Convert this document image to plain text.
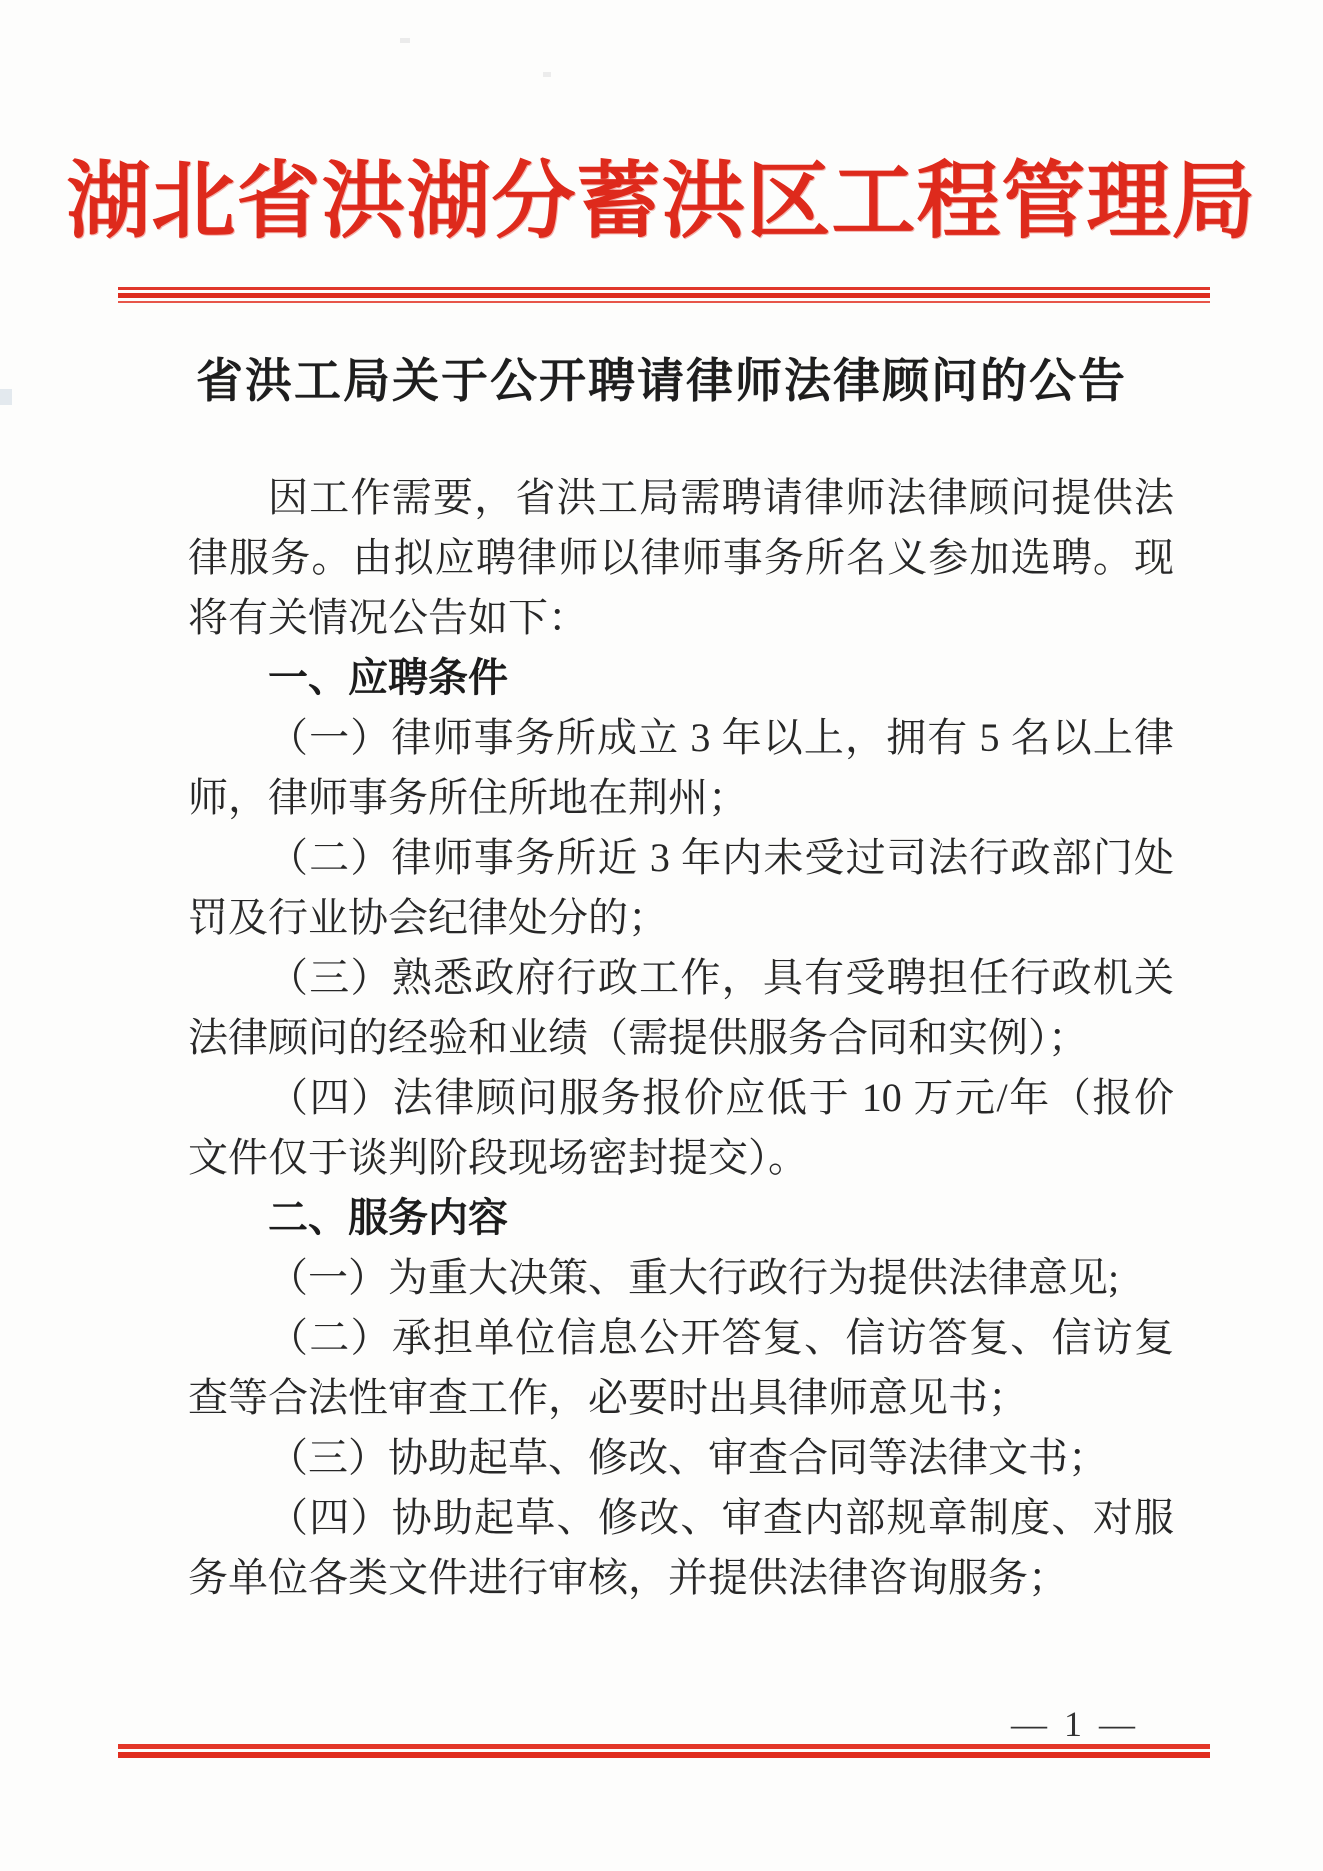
湖北省洪湖分蓄洪区工程管理局
省洪工局关于公开聘请律师法律顾问的公告

因工作需要，省洪工局需聘请律师法律顾问提供法律服务。由拟应聘律师以律师事务所名义参加选聘。现将有关情况公告如下：

一、应聘条件

（一）律师事务所成立 3 年以上，拥有 5 名以上律师，律师事务所住所地在荆州；

（二）律师事务所近 3 年内未受过司法行政部门处罚及行业协会纪律处分的；

（三）熟悉政府行政工作，具有受聘担任行政机关法律顾问的经验和业绩（需提供服务合同和实例）；

（四）法律顾问服务报价应低于 10 万元/年（报价文件仅于谈判阶段现场密封提交）。

二、服务内容

（一）为重大决策、重大行政行为提供法律意见;

（二）承担单位信息公开答复、信访答复、信访复查等合法性审查工作，必要时出具律师意见书；

（三）协助起草、修改、审查合同等法律文书；

（四）协助起草、修改、审查内部规章制度、对服务单位各类文件进行审核，并提供法律咨询服务；

— 1 —
